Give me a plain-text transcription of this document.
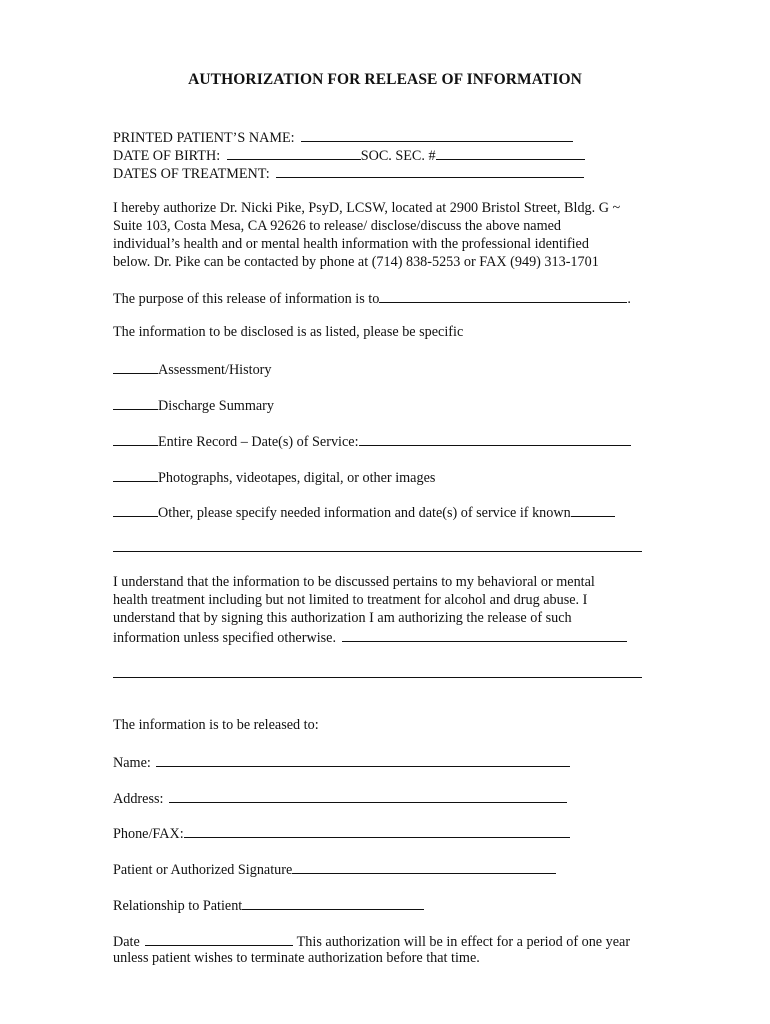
AUTHORIZATION FOR RELEASE OF INFORMATION
PRINTED PATIENT’S NAME:
DATE OF BIRTH:	SOC. SEC. #
DATES OF TREATMENT:
I hereby authorize Dr. Nicki Pike, PsyD, LCSW, located at 2900 Bristol Street, Bldg. G ~
Suite 103, Costa Mesa, CA 92626 to release/ disclose/discuss the above named
individual’s health and or mental health information with the professional identified
below. Dr. Pike can be contacted by phone at (714) 838-5253 or FAX (949) 313-1701
The purpose of this release of information is to	.
The information to be disclosed is as listed, please be specific
Assessment/History
Discharge Summary
Entire Record – Date(s) of Service:
Photographs, videotapes, digital, or other images
Other, please specify needed information and date(s) of service if known
I understand that the information to be discussed pertains to my behavioral or mental
health treatment including but not limited to treatment for alcohol and drug abuse. I
understand that by signing this authorization I am authorizing the release of such
information unless specified otherwise.
The information is to be released to:
Name:
Address:
Phone/FAX:
Patient or Authorized Signature
Relationship to Patient
Date	This authorization will be in effect for a period of one year
unless patient wishes to terminate authorization before that time.
